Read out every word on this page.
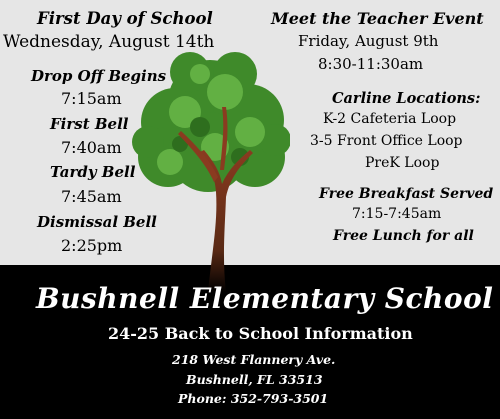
First Day of School
Wednesday, August 14th
Drop Off Begins
7:15am
First Bell
7:40am
Tardy Bell
7:45am
Dismissal Bell
2:25pm
Meet the Teacher Event
Friday, August 9th
8:30-11:30am
Carline Locations:
K-2 Cafeteria Loop
3-5 Front Office Loop
PreK Loop
Free Breakfast Served
7:15-7:45am
Free Lunch for all
Bushnell Elementary School
24-25 Back to School Information
218 West Flannery Ave.
Bushnell, FL 33513
Phone: 352-793-3501
